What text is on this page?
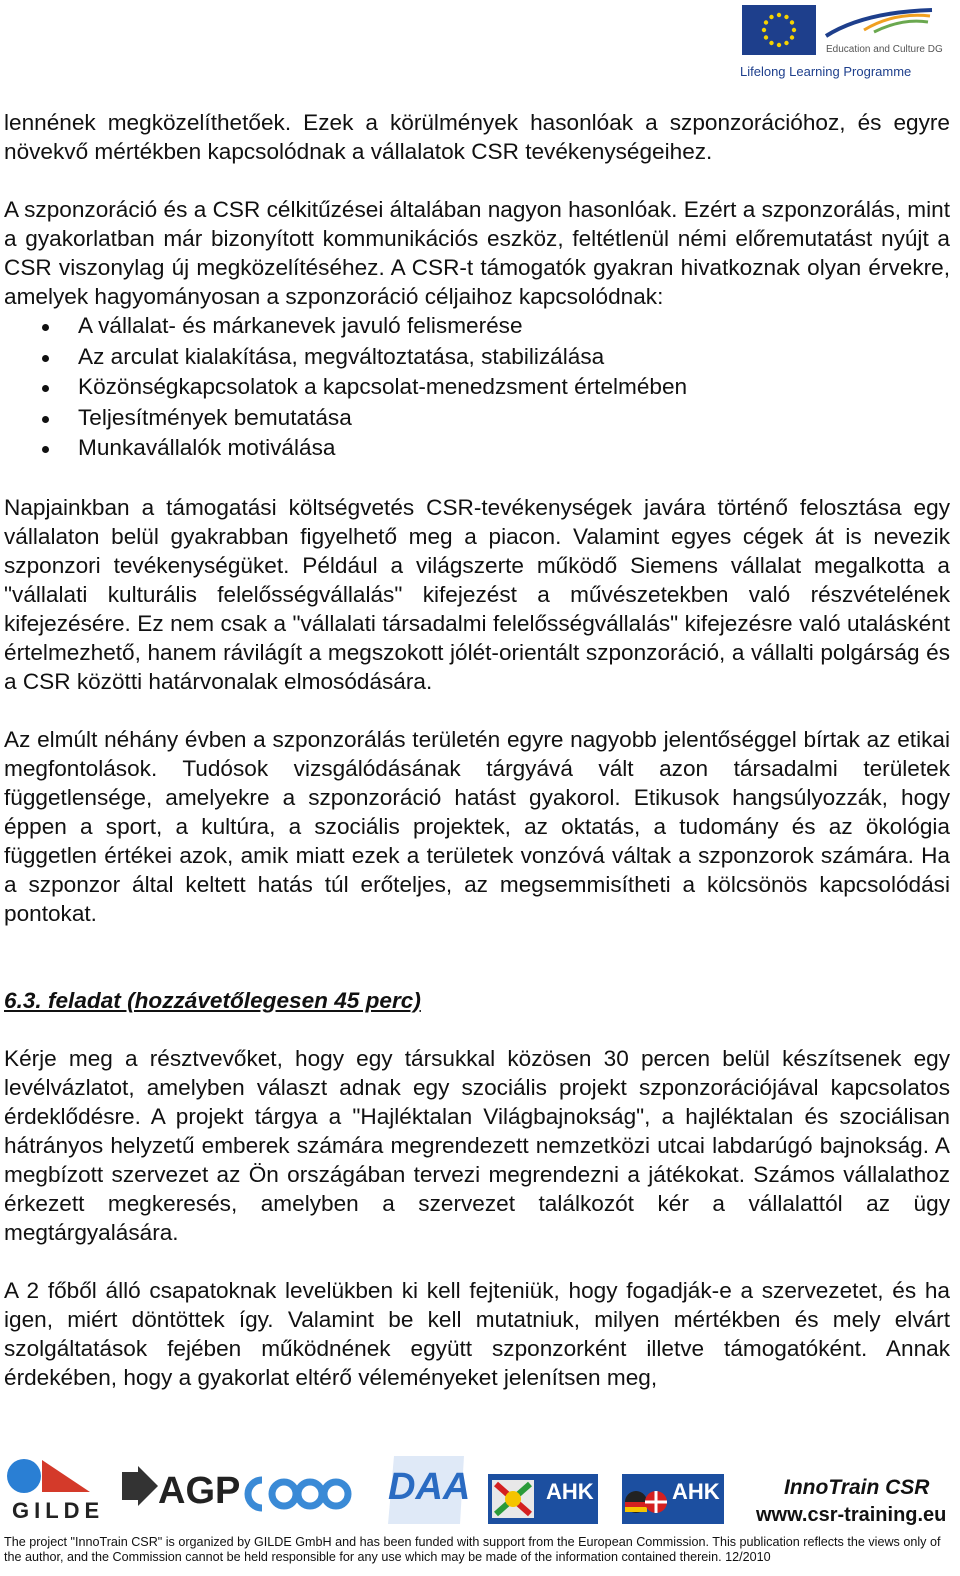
Education and Culture DG
Lifelong Learning Programme

lennének megközelíthetőek. Ezek a körülmények hasonlóak a szponzorációhoz, és egyre növekvő mértékben kapcsolódnak a vállalatok CSR tevékenységeihez.

A szponzoráció és a CSR célkitűzései általában nagyon hasonlóak. Ezért a szponzorálás, mint a gyakorlatban már bizonyított kommunikációs eszköz, feltétlenül némi előremutatást nyújt a CSR viszonylag új megközelítéséhez. A CSR-t támogatók gyakran hivatkoznak olyan érvekre, amelyek hagyományosan a szponzoráció céljaihoz kapcsolódnak:

A vállalat- és márkanevek javuló felismerése
Az arculat kialakítása, megváltoztatása, stabilizálása
Közönségkapcsolatok a kapcsolat-menedzsment értelmében
Teljesítmények bemutatása
Munkavállalók motiválása

Napjainkban a támogatási költségvetés CSR-tevékenységek javára történő felosztása egy vállalaton belül gyakrabban figyelhető meg a piacon. Valamint egyes cégek át is nevezik szponzori tevékenységüket. Például a világszerte működő Siemens vállalat megalkotta a "vállalati kulturális felelősségvállalás" kifejezést a művészetekben való részvételének kifejezésére. Ez nem csak a "vállalati társadalmi felelősségvállalás" kifejezésre való utalásként értelmezhető, hanem rávilágít a megszokott jólét-orientált szponzoráció, a vállalti polgárság és a CSR közötti határvonalak elmosódására.

Az elmúlt néhány évben a szponzorálás területén egyre nagyobb jelentőséggel bírtak az etikai megfontolások. Tudósok vizsgálódásának tárgyává vált azon társadalmi területek függetlensége, amelyekre a szponzoráció hatást gyakorol. Etikusok hangsúlyozzák, hogy éppen a sport, a kultúra, a szociális projektek, az oktatás, a tudomány és az ökológia független értékei azok, amik miatt ezek a területek vonzóvá váltak a szponzorok számára. Ha a szponzor által keltett hatás túl erőteljes, az megsemmisítheti a kölcsönös kapcsolódási pontokat.

6.3. feladat (hozzávetőlegesen 45 perc)

Kérje meg a résztvevőket, hogy egy társukkal közösen 30 percen belül készítsenek egy levélvázlatot, amelyben választ adnak egy szociális projekt szponzorációjával kapcsolatos érdeklődésre. A projekt tárgya a "Hajléktalan Világbajnokság", a hajléktalan és szociálisan hátrányos helyzetű emberek számára megrendezett nemzetközi utcai labdarúgó bajnokság. A megbízott szervezet az Ön országában tervezi megrendezni a játékokat. Számos vállalathoz érkezett megkeresés, amelyben a szervezet találkozót kér a vállalattól az ügy megtárgyalására.

A 2 főből álló csapatoknak levelükben ki kell fejteniük, hogy fogadják-e a szervezetet, és ha igen, miért döntöttek így. Valamint be kell mutatniuk, milyen mértékben és mely elvárt szolgáltatások fejében működnének együtt szponzorként illetve támogatóként. Annak érdekében, hogy a gyakorlat eltérő véleményeket jelenítsen meg,

GILDE AGP	DAA	AHK	AHK	InnoTrain CSR
www.csr-training.eu
The project "InnoTrain CSR" is organized by GILDE GmbH and has been funded with support from the European Commission. This publication reflects the views only of the author, and the Commission cannot be held responsible for any use which may be made of the information contained therein. 12/2010
